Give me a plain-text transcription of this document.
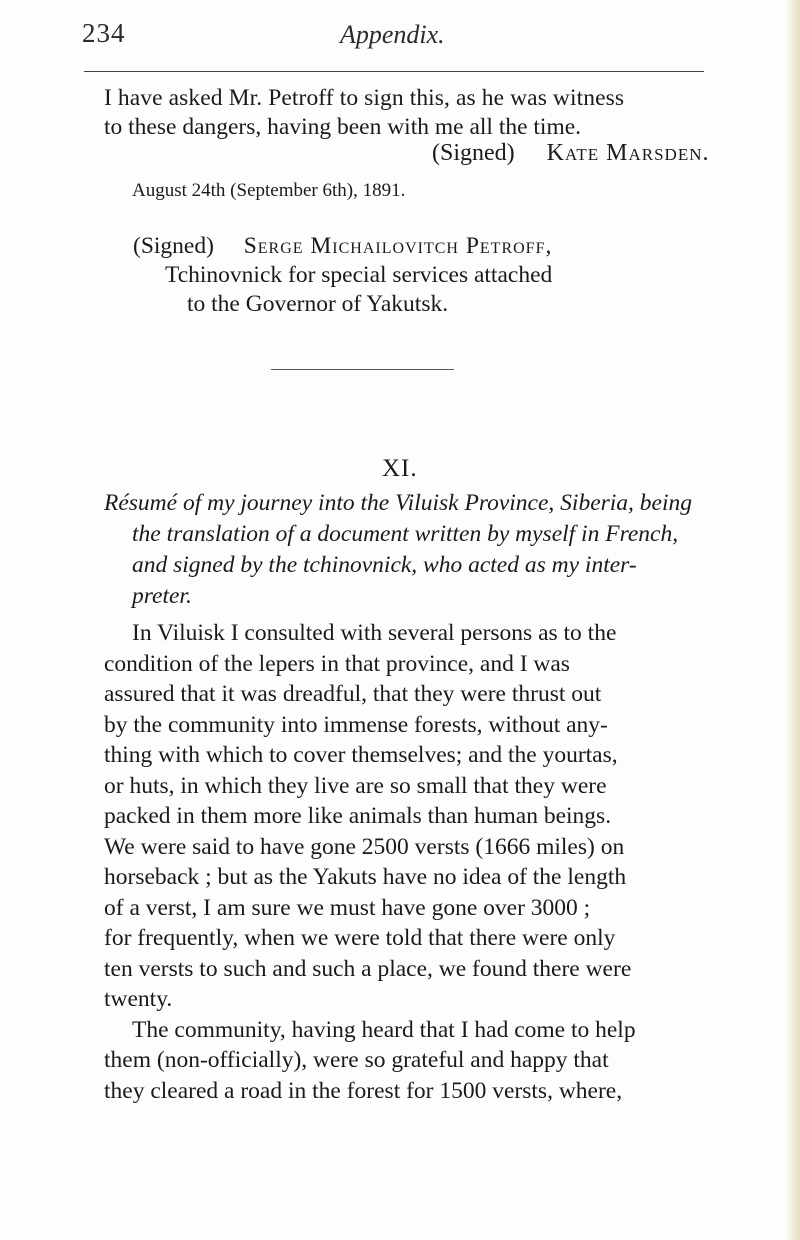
234	Appendix.
I have asked Mr. Petroff to sign this, as he was witness
to these dangers, having been with me all the time.
(Signed) Kate Marsden.
August 24th (September 6th), 1891.
(Signed) Serge Michailovitch Petroff,
Tchinovnick for special services attached
to the Governor of Yakutsk.
XI.
Résumé of my journey into the Viluisk Province, Siberia, being
the translation of a document written by myself in French,
and signed by the tchinovnick, who acted as my inter-
preter.
In Viluisk I consulted with several persons as to the
condition of the lepers in that province, and I was
assured that it was dreadful, that they were thrust out
by the community into immense forests, without any-
thing with which to cover themselves; and the yourtas,
or huts, in which they live are so small that they were
packed in them more like animals than human beings.
We were said to have gone 2500 versts (1666 miles) on
horseback ; but as the Yakuts have no idea of the length
of a verst, I am sure we must have gone over 3000 ;
for frequently, when we were told that there were only
ten versts to such and such a place, we found there were
twenty.
The community, having heard that I had come to help
them (non-officially), were so grateful and happy that
they cleared a road in the forest for 1500 versts, where,
